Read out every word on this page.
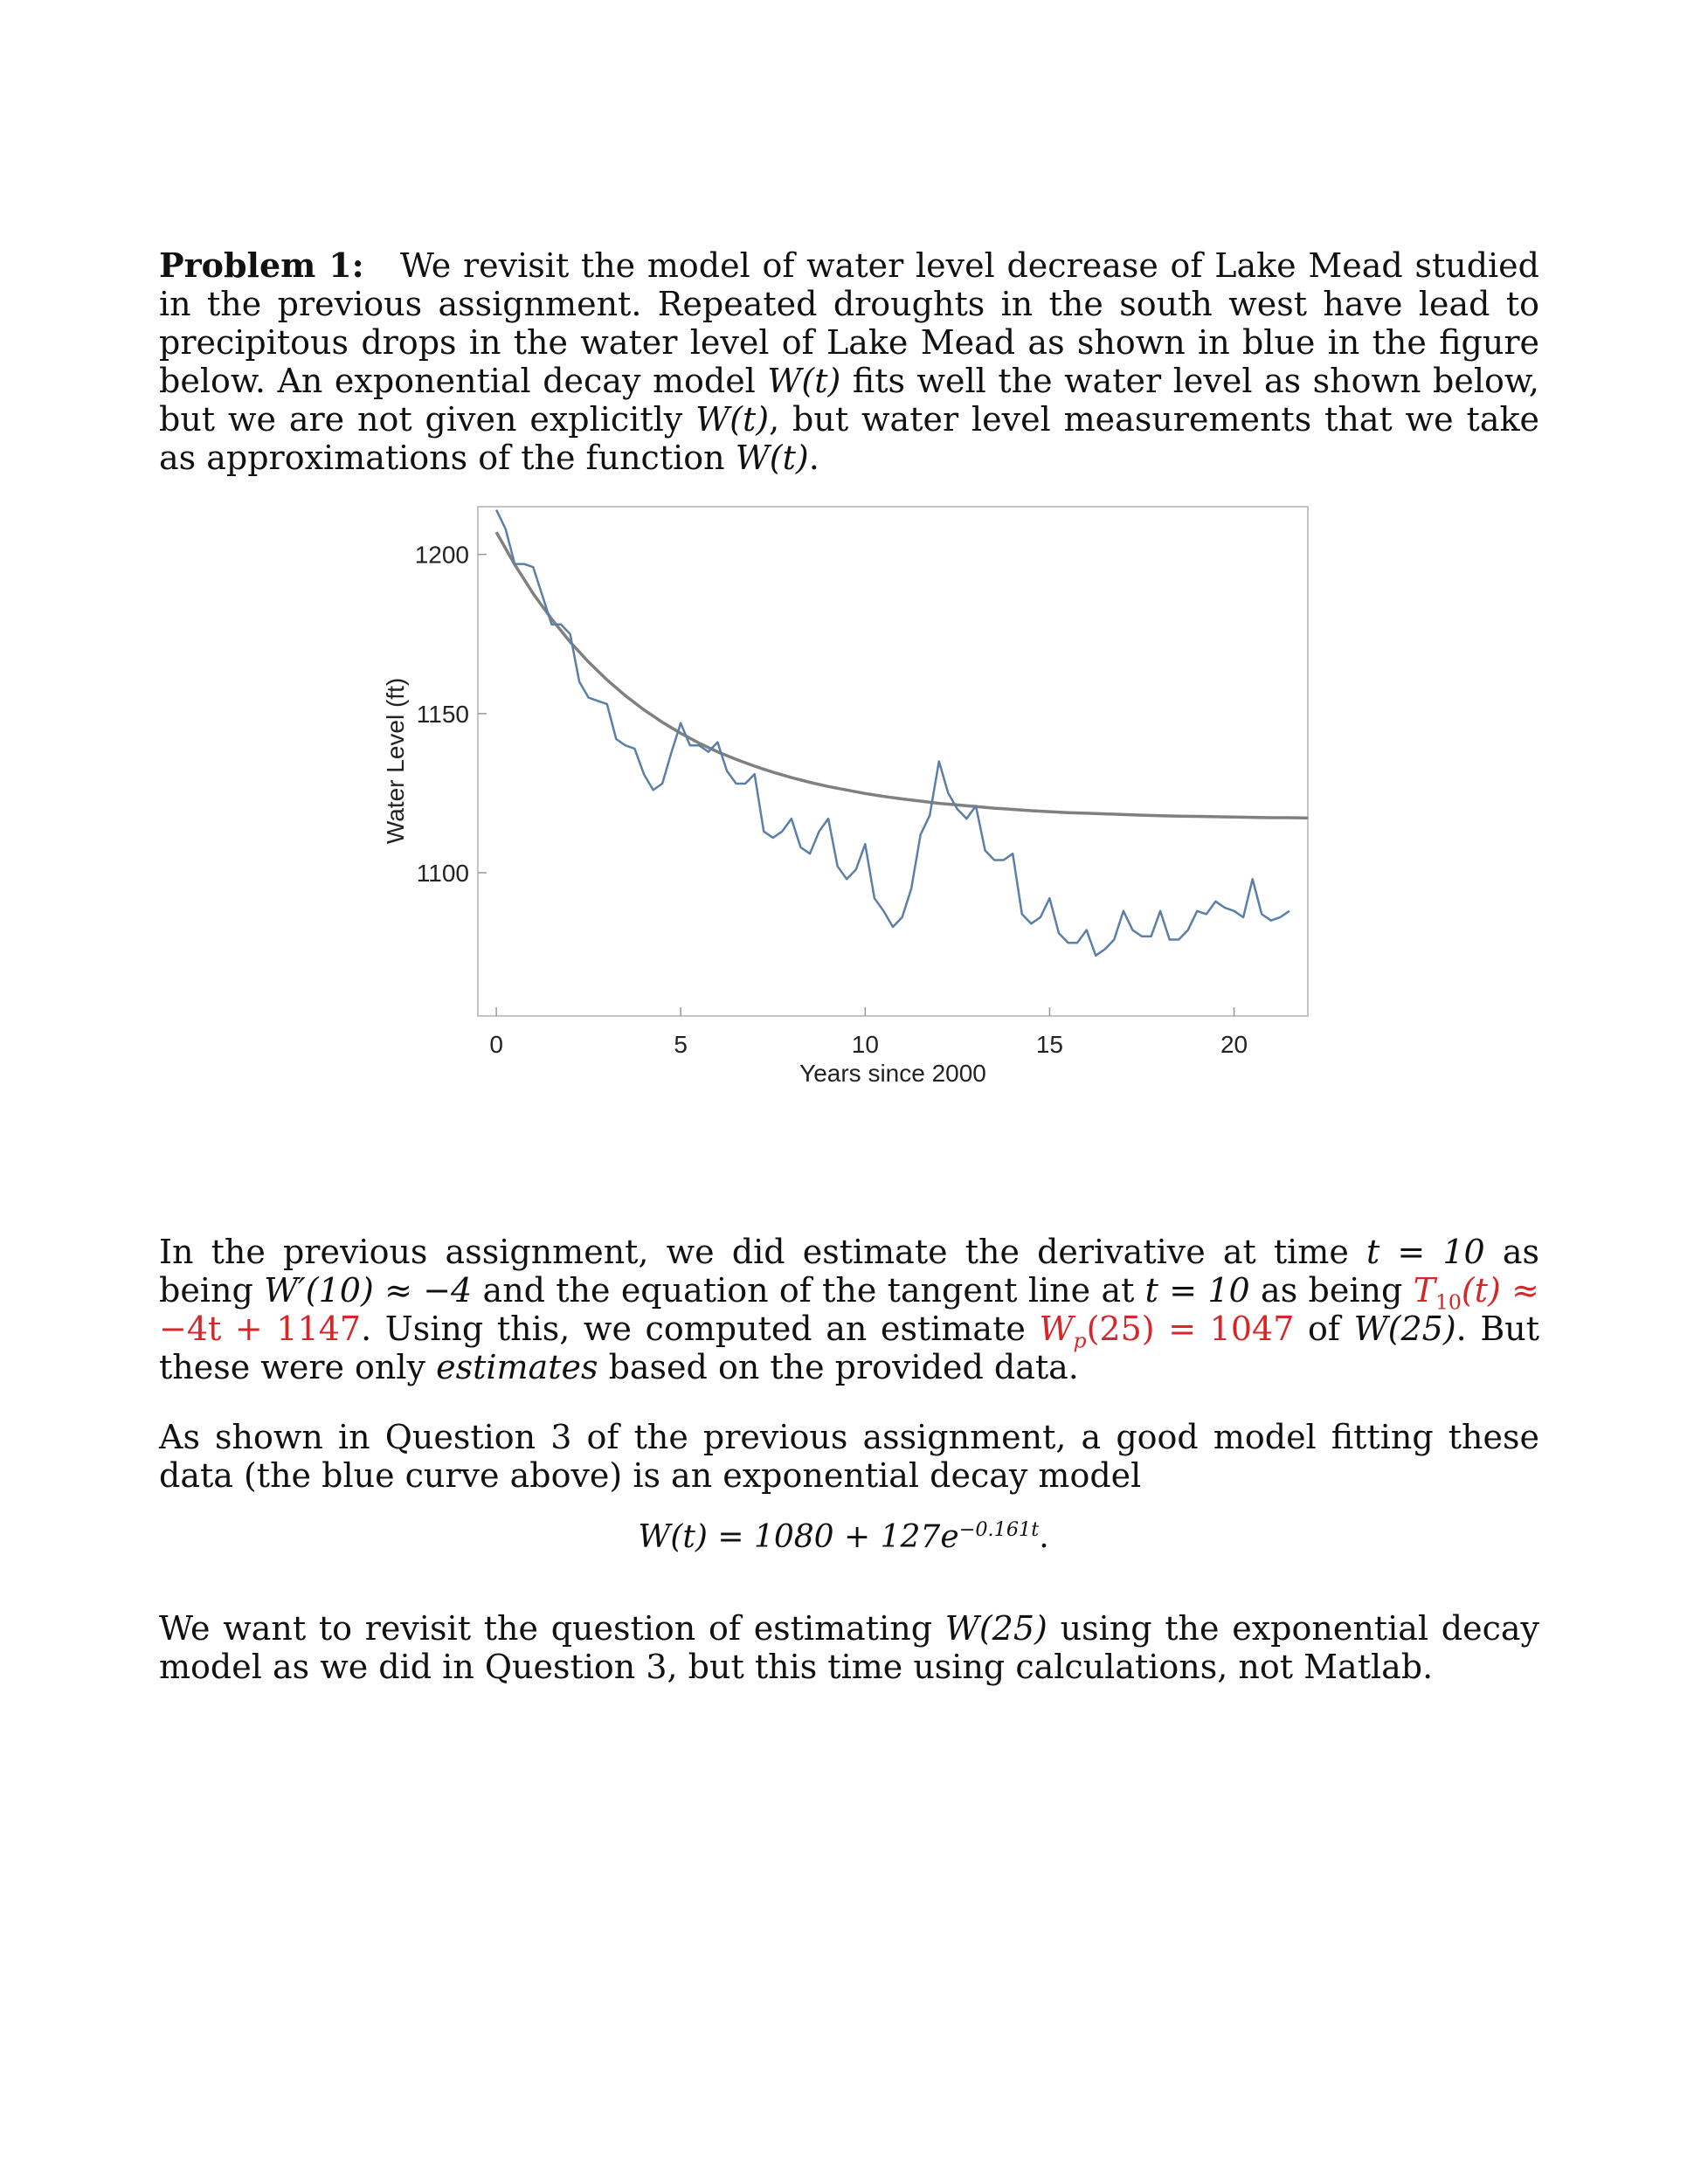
Problem 1: We revisit the model of water level decrease of Lake Mead studied in the previous assignment. Repeated droughts in the south west have lead to precipitous drops in the water level of Lake Mead as shown in blue in the figure below. An exponential decay model W(t) fits well the water level as shown below, but we are not given explicitly W(t), but water level measurements that we take as approximations of the function W(t).
0	5	10	15	20
1100
1150
1200
Years since 2000
Water Level (ft)
In the previous assignment, we did estimate the derivative at time t = 10 as being W′(10) ≈ −4 and the equation of the tangent line at t = 10 as being $T_{10}(t) \approx -4t + 1147$. Using this, we computed an estimate $W_p(25) = 1047$ of W(25). But these were only estimates based on the provided data.
As shown in Question 3 of the previous assignment, a good model fitting these data (the blue curve above) is an exponential decay model
$W(t) = 1080 + 127e^{-0.161t}$.
We want to revisit the question of estimating W(25) using the exponential decay model as we did in Question 3, but this time using calculations, not Matlab.
